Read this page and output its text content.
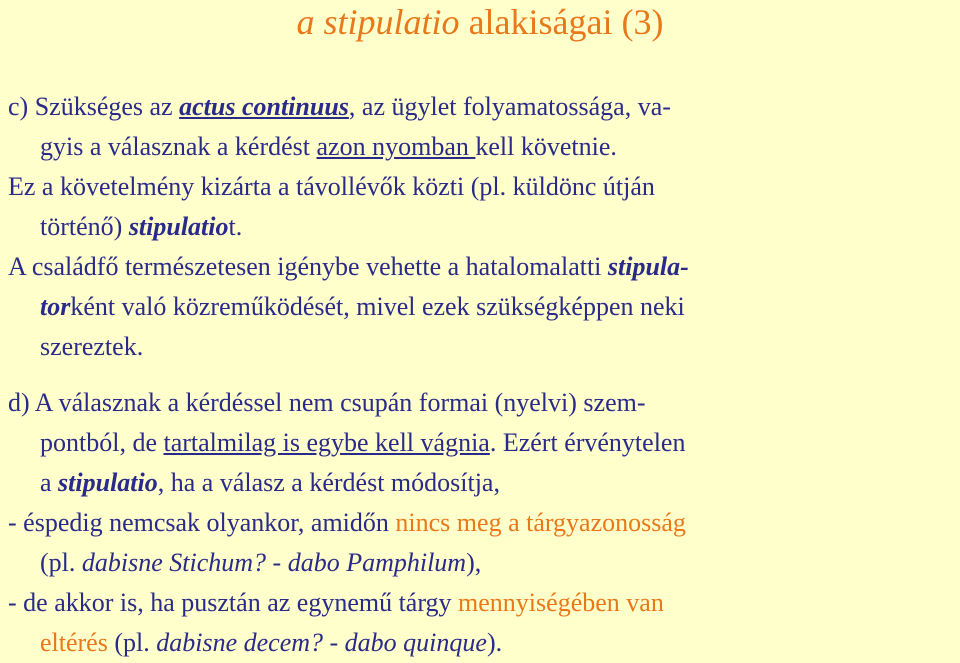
a stipulatio alakiságai (3)
c) Szükséges az actus continuus, az ügylet folyamatossága, va-
gyis a válasznak a kérdést azon nyomban kell követnie.
Ez a követelmény kizárta a távollévők közti (pl. küldönc útján
történő) stipulatiot.
A családfő természetesen igénybe vehette a hatalomalatti stipula-
torként való közreműködését, mivel ezek szükségképpen neki
szereztek.
d) A válasznak a kérdéssel nem csupán formai (nyelvi) szem-
pontból, de tartalmilag is egybe kell vágnia. Ezért érvénytelen
a stipulatio, ha a válasz a kérdést módosítja,
- éspedig nemcsak olyankor, amidőn nincs meg a tárgyazonosság
(pl. dabisne Stichum? - dabo Pamphilum),
- de akkor is, ha pusztán az egynemű tárgy mennyiségében van
eltérés (pl. dabisne decem? - dabo quinque).
